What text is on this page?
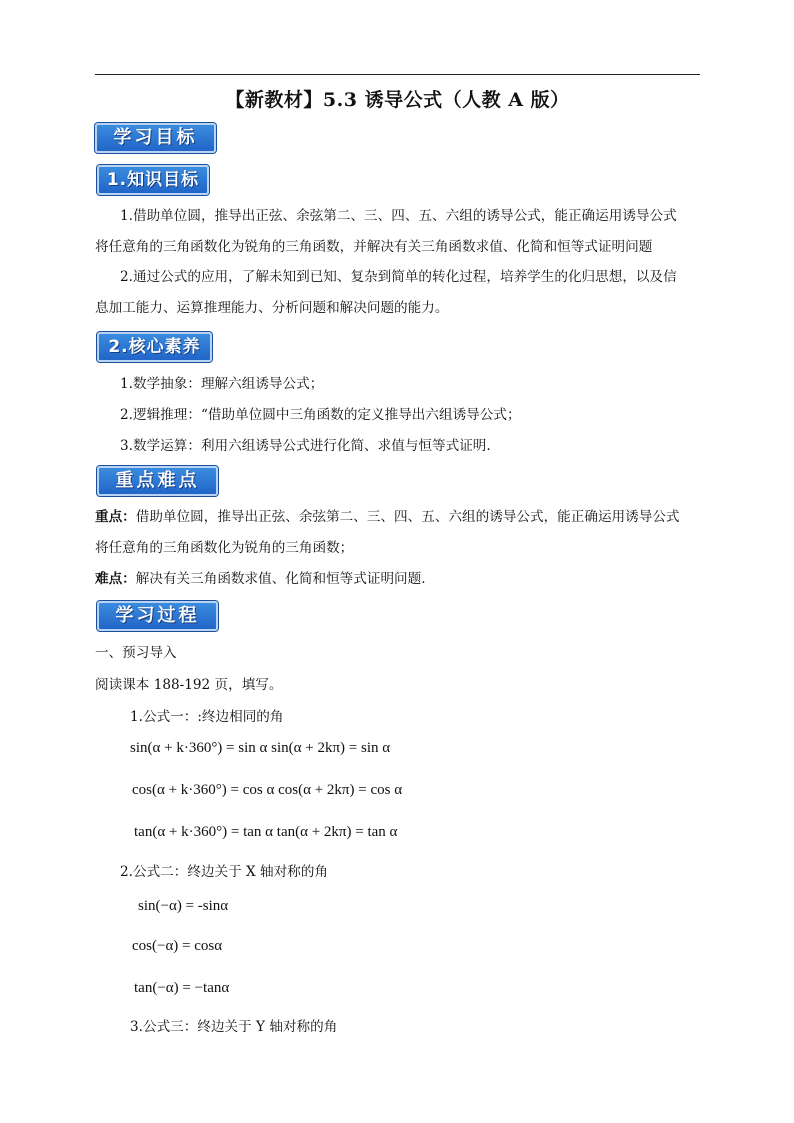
【新教材】5.3 诱导公式（人教 A 版）
学习目标
1.知识目标
1.借助单位圆，推导出正弦、余弦第二、三、四、五、六组的诱导公式，能正确运用诱导公式
将任意角的三角函数化为锐角的三角函数，并解决有关三角函数求值、化简和恒等式证明问题
2.通过公式的应用，了解未知到已知、复杂到简单的转化过程，培养学生的化归思想，以及信
息加工能力、运算推理能力、分析问题和解决问题的能力。
2.核心素养
1.数学抽象：理解六组诱导公式；
2.逻辑推理：“借助单位圆中三角函数的定义推导出六组诱导公式；
3.数学运算：利用六组诱导公式进行化简、求值与恒等式证明.
重点难点
重点：借助单位圆，推导出正弦、余弦第二、三、四、五、六组的诱导公式，能正确运用诱导公式
将任意角的三角函数化为锐角的三角函数；
难点：解决有关三角函数求值、化简和恒等式证明问题.
学习过程
一、预习导入
阅读课本 188-192 页，填写。
1.公式一：:终边相同的角
sin(α + k·360°) = sin α sin(α + 2kπ) = sin α
cos(α + k·360°) = cos α cos(α + 2kπ) = cos α
tan(α + k·360°) = tan α tan(α + 2kπ) = tan α
2.公式二：终边关于 X 轴对称的角
sin(−α) = -sinα
cos(−α) = cosα
tan(−α) = −tanα
3.公式三：终边关于 Y 轴对称的角
